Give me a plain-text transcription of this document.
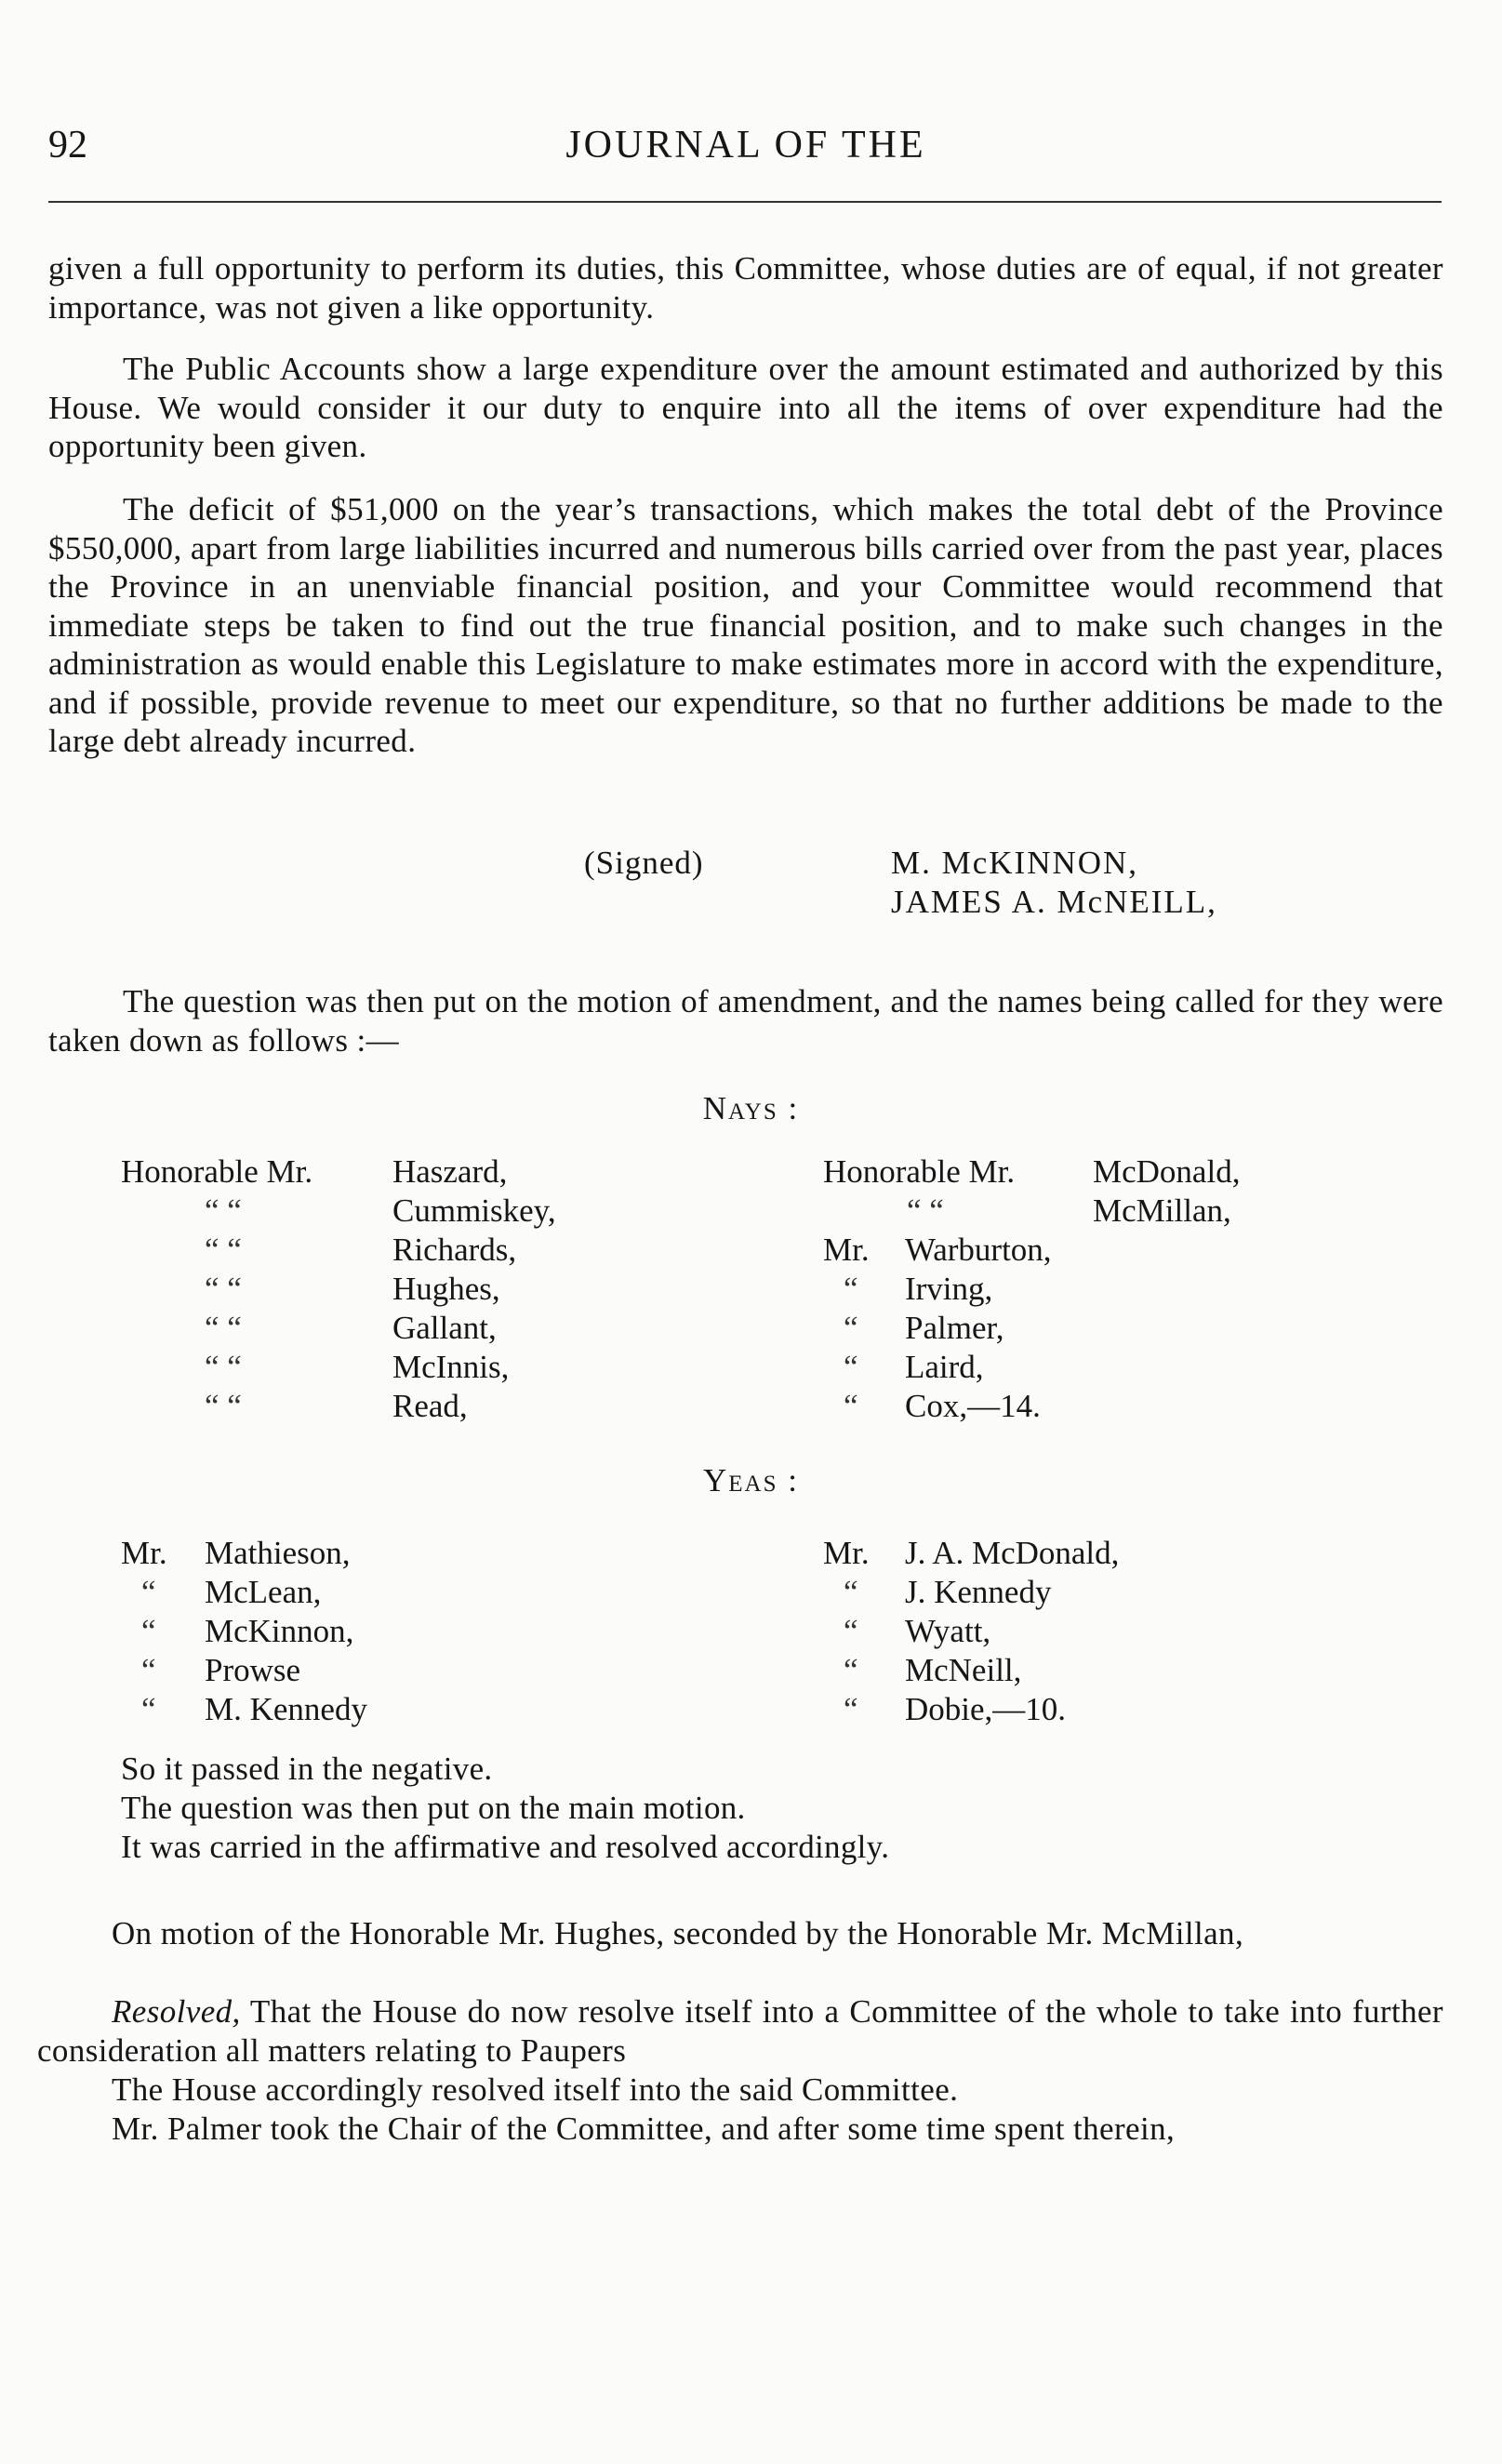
92	JOURNAL OF THE
given a full opportunity to perform its duties, this Committee, whose duties are of equal, if not greater importance, was not given a like opportunity.
The Public Accounts show a large expenditure over the amount estimated and authorized by this House. We would consider it our duty to enquire into all the items of over expenditure had the opportunity been given.
The deficit of $51,000 on the year’s transactions, which makes the total debt of the Province $550,000, apart from large liabilities incurred and numerous bills carried over from the past year, places the Province in an unenviable financial position, and your Committee would recommend that immediate steps be taken to find out the true financial position, and to make such changes in the administration as would enable this Legislature to make estimates more in accord with the expenditure, and if possible, provide revenue to meet our expenditure, so that no further additions be made to the large debt already incurred.
(Signed)	M. McKINNON,
JAMES A. McNEILL,
The question was then put on the motion of amendment, and the names being called for they were taken down as follows :—
Nays :
Honorable Mr. Haszard,
“ “	Cummiskey,
“ “	Richards,
“ “	Hughes,
“ “	Gallant,
“ “	McInnis,
“ “	Read,
Honorable Mr. McDonald,
“ “	McMillan,
Mr. Warburton,
“ Irving,
“ Palmer,
“ Laird,
“ Cox,—14.
Yeas :
Mr. Mathieson,
“ McLean,
“ McKinnon,
“ Prowse
“ M. Kennedy
Mr. J. A. McDonald,
“ J. Kennedy
“ Wyatt,
“ McNeill,
“ Dobie,—10.
So it passed in the negative.
The question was then put on the main motion.
It was carried in the affirmative and resolved accordingly.
On motion of the Honorable Mr. Hughes, seconded by the Honorable Mr. McMillan,
Resolved, That the House do now resolve itself into a Committee of the whole to take into further consideration all matters relating to Paupers
The House accordingly resolved itself into the said Committee.
Mr. Palmer took the Chair of the Committee, and after some time spent therein,
